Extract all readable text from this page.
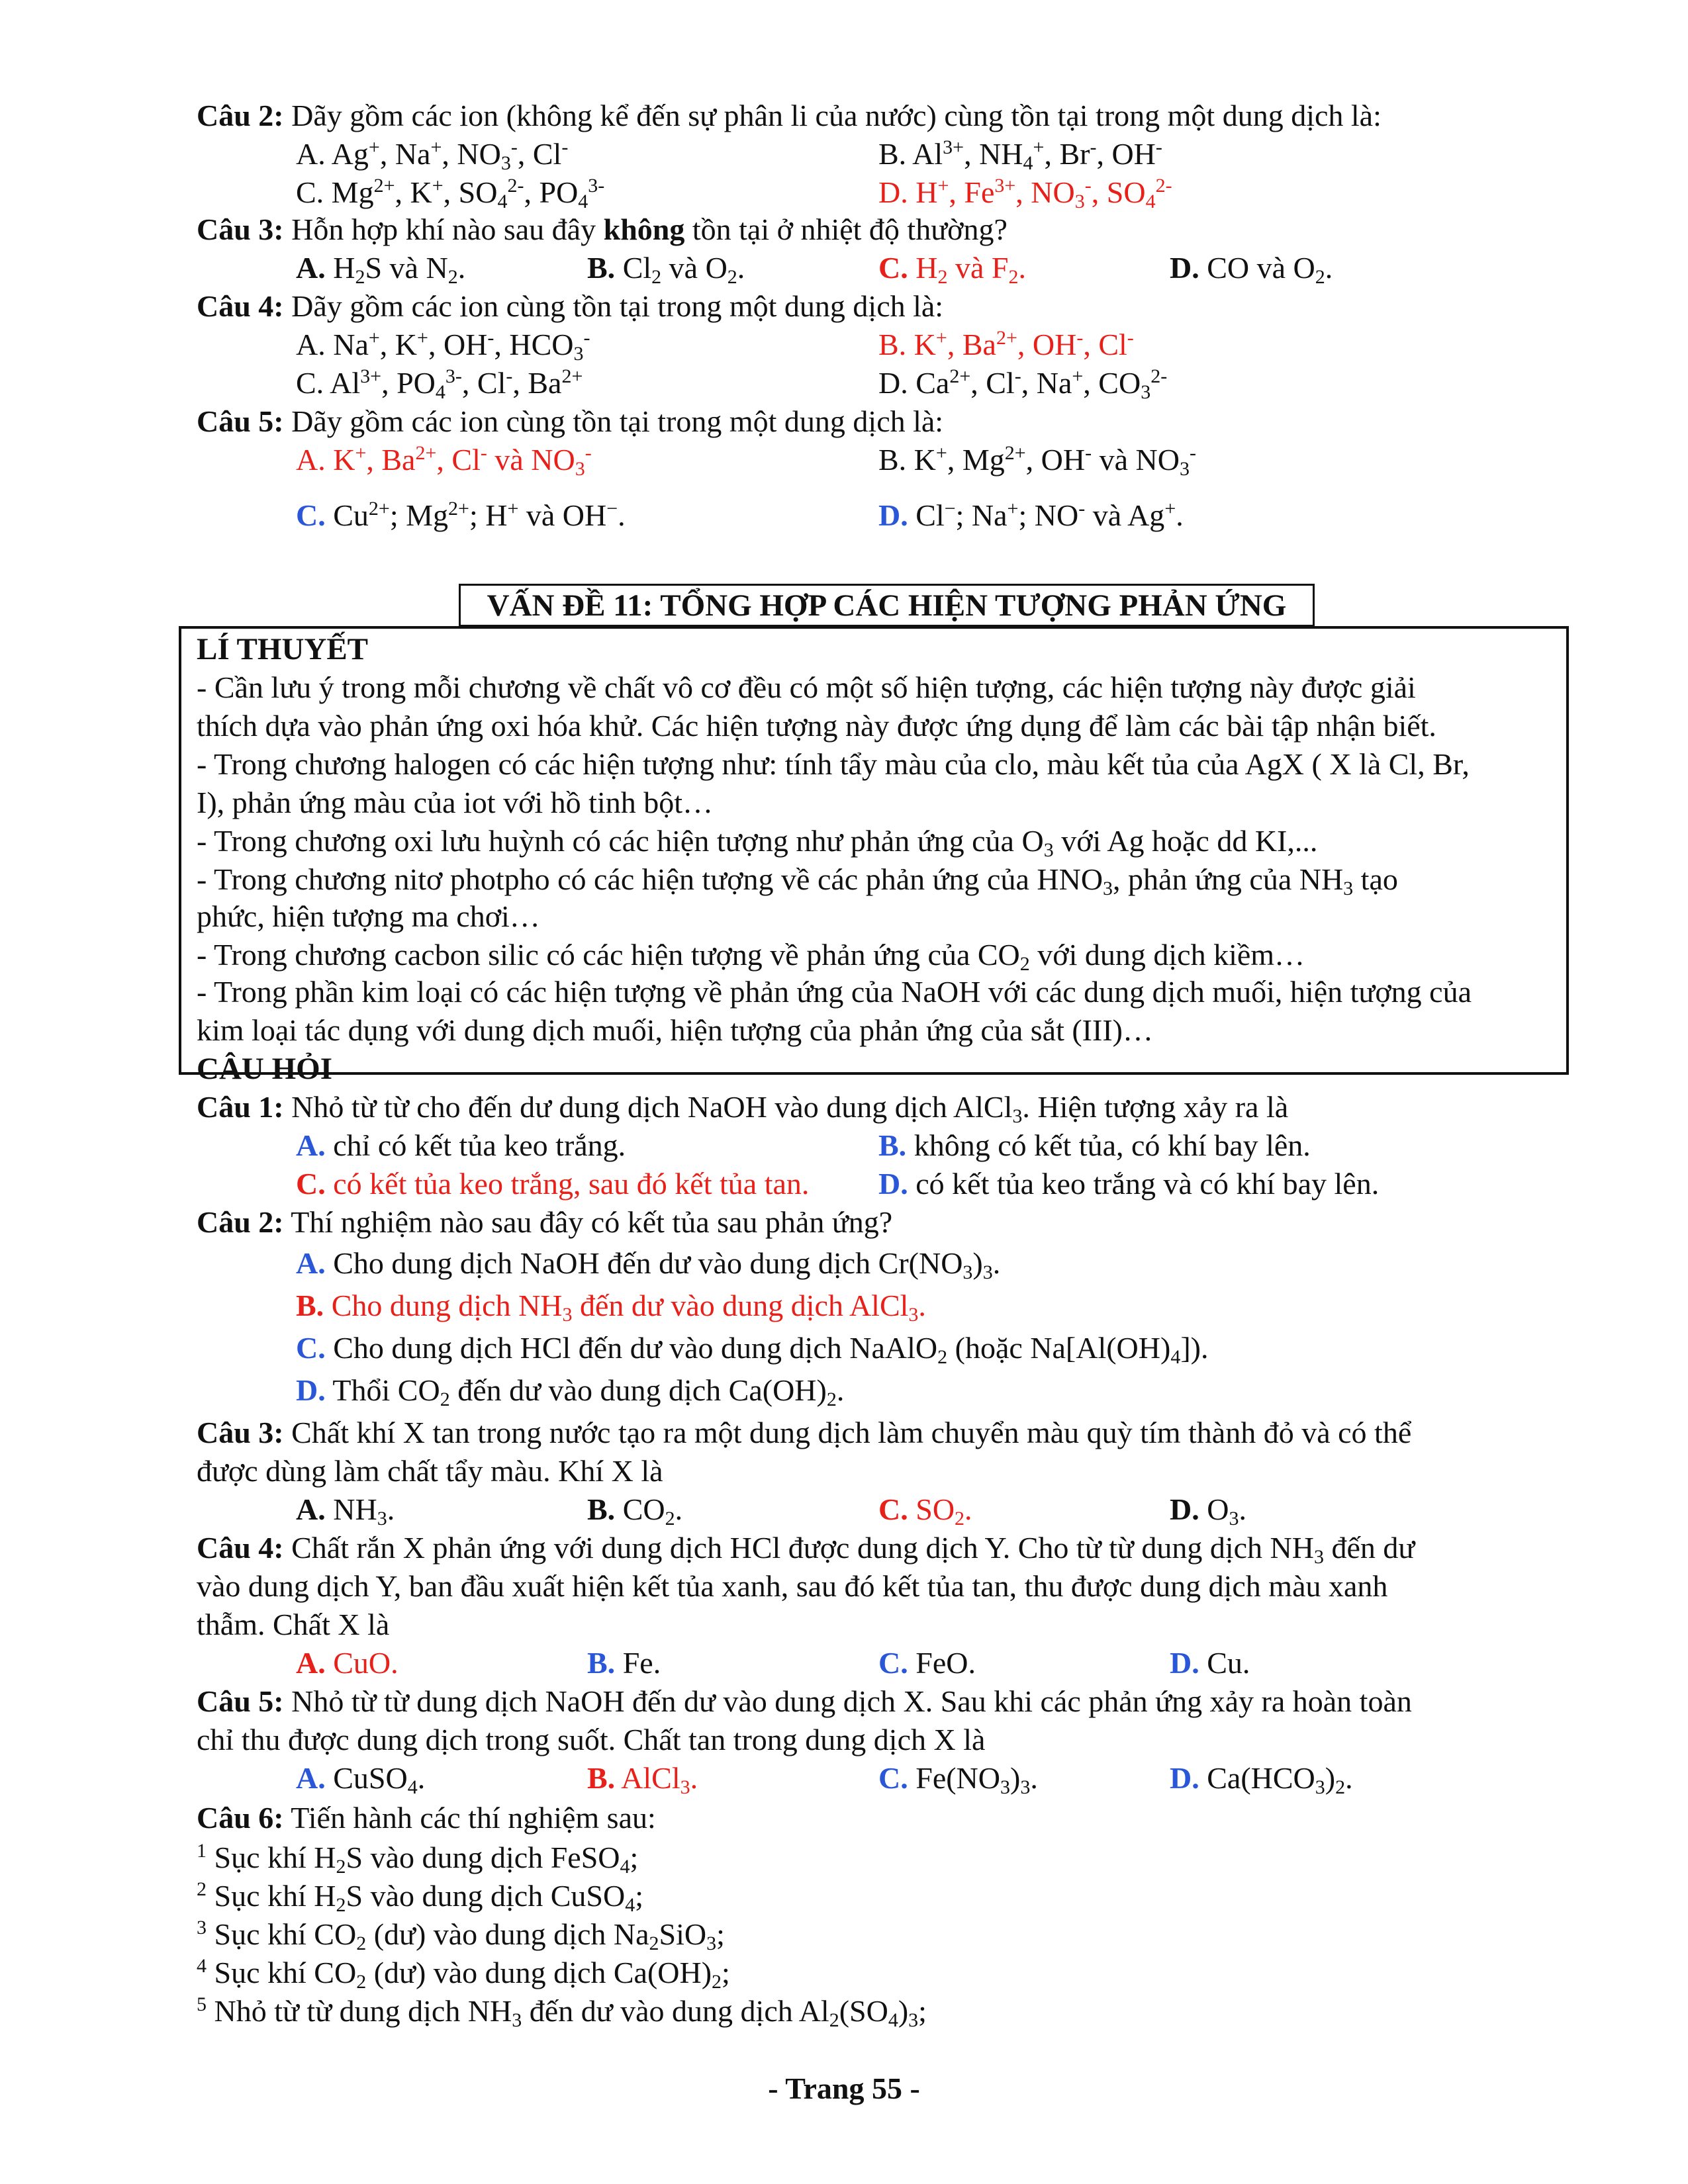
Câu 2: Dãy gồm các ion (không kể đến sự phân li của nước) cùng tồn tại trong một dung dịch là:
A. Ag+, Na+, $NO_3^-$, Cl-	B. $Al^{3+}$, $NH_4^+$, Br-, OH-
C. $Mg^{2+}$, K+, $SO_4^{2-}$, $PO_4^{3-}$	D. H+, $Fe^{3+}$, $NO_3^-$, $SO_4^{2-}$
Câu 3: Hỗn hợp khí nào sau đây không tồn tại ở nhiệt độ thường?
A. $H_2S$ và $N_2$.	B. $Cl_2$ và $O_2$.	C. $H_2$ và $F_2$.	D. CO và $O_2$.
Câu 4: Dãy gồm các ion cùng tồn tại trong một dung dịch là:
A. Na+, K+, OH-, $HCO_3^-$	B. K+, $Ba^{2+}$, OH-, Cl-
C. $Al^{3+}$, $PO_4^{3-}$, Cl-, $Ba^{2+}$	D. $Ca^{2+}$, Cl-, Na+, $CO_3^{2-}$
Câu 5: Dãy gồm các ion cùng tồn tại trong một dung dịch là:
A. K+, $Ba^{2+}$, Cl- và $NO_3^-$	B. K+, $Mg^{2+}$, OH- và $NO_3^-$
C. $Cu^{2+}$; $Mg^{2+}$; H+ và OH−.	D. Cl−; Na+; NO- và Ag+.
VẤN ĐỀ 11: TỔNG HỢP CÁC HIỆN TƯỢNG PHẢN ỨNG
LÍ THUYẾT
- Cần lưu ý trong mỗi chương về chất vô cơ đều có một số hiện tượng, các hiện tượng này được giải
thích dựa vào phản ứng oxi hóa khử. Các hiện tượng này được ứng dụng để làm các bài tập nhận biết.
- Trong chương halogen có các hiện tượng như: tính tẩy màu của clo, màu kết tủa của AgX ( X là Cl, Br,
I), phản ứng màu của iot với hồ tinh bột…
- Trong chương oxi lưu huỳnh có các hiện tượng như phản ứng của $O_3$ với Ag hoặc dd KI,...
- Trong chương nitơ photpho có các hiện tượng về các phản ứng của $HNO_3$, phản ứng của $NH_3$ tạo
phức, hiện tượng ma chơi…
- Trong chương cacbon silic có các hiện tượng về phản ứng của $CO_2$ với dung dịch kiềm…
- Trong phần kim loại có các hiện tượng về phản ứng của NaOH với các dung dịch muối, hiện tượng của
kim loại tác dụng với dung dịch muối, hiện tượng của phản ứng của sắt (III)…
CÂU HỎI
Câu 1: Nhỏ từ từ cho đến dư dung dịch NaOH vào dung dịch AlCl$_3$. Hiện tượng xảy ra là
A. chỉ có kết tủa keo trắng.	B. không có kết tủa, có khí bay lên.
C. có kết tủa keo trắng, sau đó kết tủa tan. D. có kết tủa keo trắng và có khí bay lên.
Câu 2: Thí nghiệm nào sau đây có kết tủa sau phản ứng?
A. Cho dung dịch NaOH đến dư vào dung dịch $Cr(NO_3)_3$.
B. Cho dung dịch $NH_3$ đến dư vào dung dịch AlCl$_3$.
C. Cho dung dịch HCl đến dư vào dung dịch NaAlO$_2$ (hoặc $Na[Al(OH)_4]$).
D. Thổi $CO_2$ đến dư vào dung dịch $Ca(OH)_2$.
Câu 3: Chất khí X tan trong nước tạo ra một dung dịch làm chuyển màu quỳ tím thành đỏ và có thể
được dùng làm chất tẩy màu. Khí X là
A. $NH_3$.	B. $CO_2$.	C. $SO_2$.	D. $O_3$.
Câu 4: Chất rắn X phản ứng với dung dịch HCl được dung dịch Y. Cho từ từ dung dịch $NH_3$ đến dư
vào dung dịch Y, ban đầu xuất hiện kết tủa xanh, sau đó kết tủa tan, thu được dung dịch màu xanh
thẫm. Chất X là
A. CuO.	B. Fe.	C. FeO.	D. Cu.
Câu 5: Nhỏ từ từ dung dịch NaOH đến dư vào dung dịch X. Sau khi các phản ứng xảy ra hoàn toàn
chỉ thu được dung dịch trong suốt. Chất tan trong dung dịch X là
A. CuSO$_4$.	B. AlCl$_3$.	C. $Fe(NO_3)_3$.	D. $Ca(HCO_3)_2$.
Câu 6: Tiến hành các thí nghiệm sau:
$^1$ Sục khí $H_2S$ vào dung dịch FeSO$_4$;
$^2$ Sục khí $H_2S$ vào dung dịch CuSO$_4$;
$^3$ Sục khí $CO_2$ (dư) vào dung dịch $Na_2SiO_3$;
$^4$ Sục khí $CO_2$ (dư) vào dung dịch $Ca(OH)_2$;
$^5$ Nhỏ từ từ dung dịch $NH_3$ đến dư vào dung dịch $Al_2(SO_4)_3$;
- Trang 55 -
